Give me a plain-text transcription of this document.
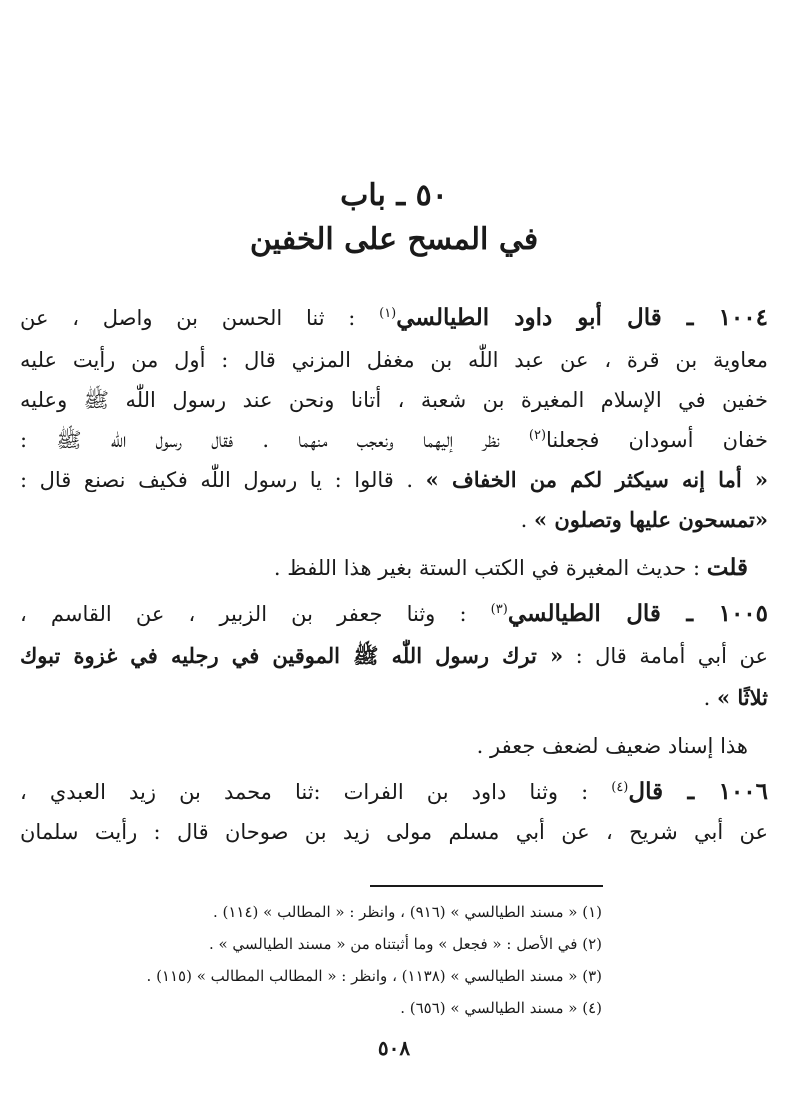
٥٠ ـ باب
في المسح على الخفين
١٠٠٤ ـ قال أبو داود الطيالسي$^{(١)}$ : ثنا الحسن بن واصل ، عن
معاوية بن قرة ، عن عبد اللّٰه بن مغفل المزني قال : أول من رأيت عليه
خفين في الإسلام المغيرة بن شعبة ، أتانا ونحن عند رسول اللّٰه ﷺ وعليه
خفان أسودان فجعلنا$^{(٢)}$ نظر إليهما ونعجب منهما . فقال رسول اللّٰه ﷺ :
« أما إنه سيكثر لكم من الخفاف » . قالوا : يا رسول اللّٰه فكيف نصنع قال :
«تمسحون عليها وتصلون » .
قلت : حديث المغيرة في الكتب الستة بغير هذا اللفظ .
١٠٠٥ ـ قال الطيالسي$^{(٣)}$ : وثنا جعفر بن الزبير ، عن القاسم ،
عن أبي أمامة قال : « ترك رسول اللّٰه ﷺ الموقين في رجليه في غزوة تبوك
ثلاثًا » .
هذا إسناد ضعيف لضعف جعفر .
١٠٠٦ ـ قال$^{(٤)}$ : وثنا داود بن الفرات :ثنا محمد بن زيد العبدي ،
عن أبي شريح ، عن أبي مسلم مولى زيد بن صوحان قال : رأيت سلمان
(١) « مسند الطيالسي » (٩١٦) ، وانظر : « المطالب » (١١٤) .
(٢) في الأصل : « فجعل » وما أثبتناه من « مسند الطيالسي » .
(٣) « مسند الطيالسي » (١١٣٨) ، وانظر : « المطالب المطالب » (١١٥) .
(٤) « مسند الطيالسي » (٦٥٦) .
٥٠٨
